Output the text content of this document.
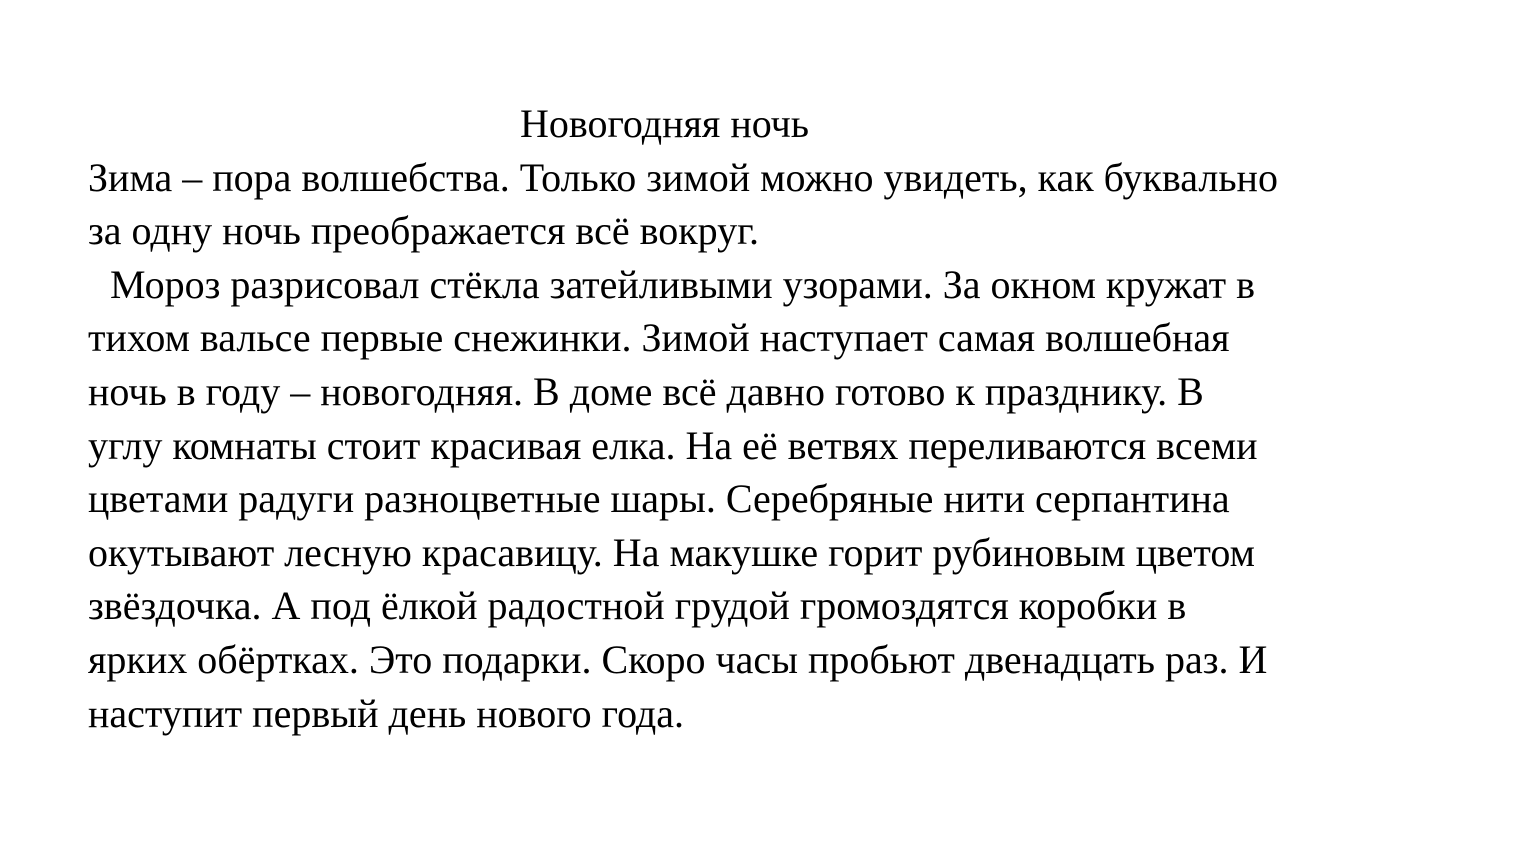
Новогодняя ночь
Зима – пора волшебства. Только зимой можно увидеть, как буквально
за одну ночь преображается всё вокруг.
Мороз разрисовал стёкла затейливыми узорами. За окном кружат в
тихом вальсе первые снежинки. Зимой наступает самая волшебная
ночь в году – новогодняя. В доме всё давно готово к празднику. В
углу комнаты стоит красивая елка. На её ветвях переливаются всеми
цветами радуги разноцветные шары. Серебряные нити серпантина
окутывают лесную красавицу. На макушке горит рубиновым цветом
звёздочка. А под ёлкой радостной грудой громоздятся коробки в
ярких обёртках. Это подарки. Скоро часы пробьют двенадцать раз. И
наступит первый день нового года.
